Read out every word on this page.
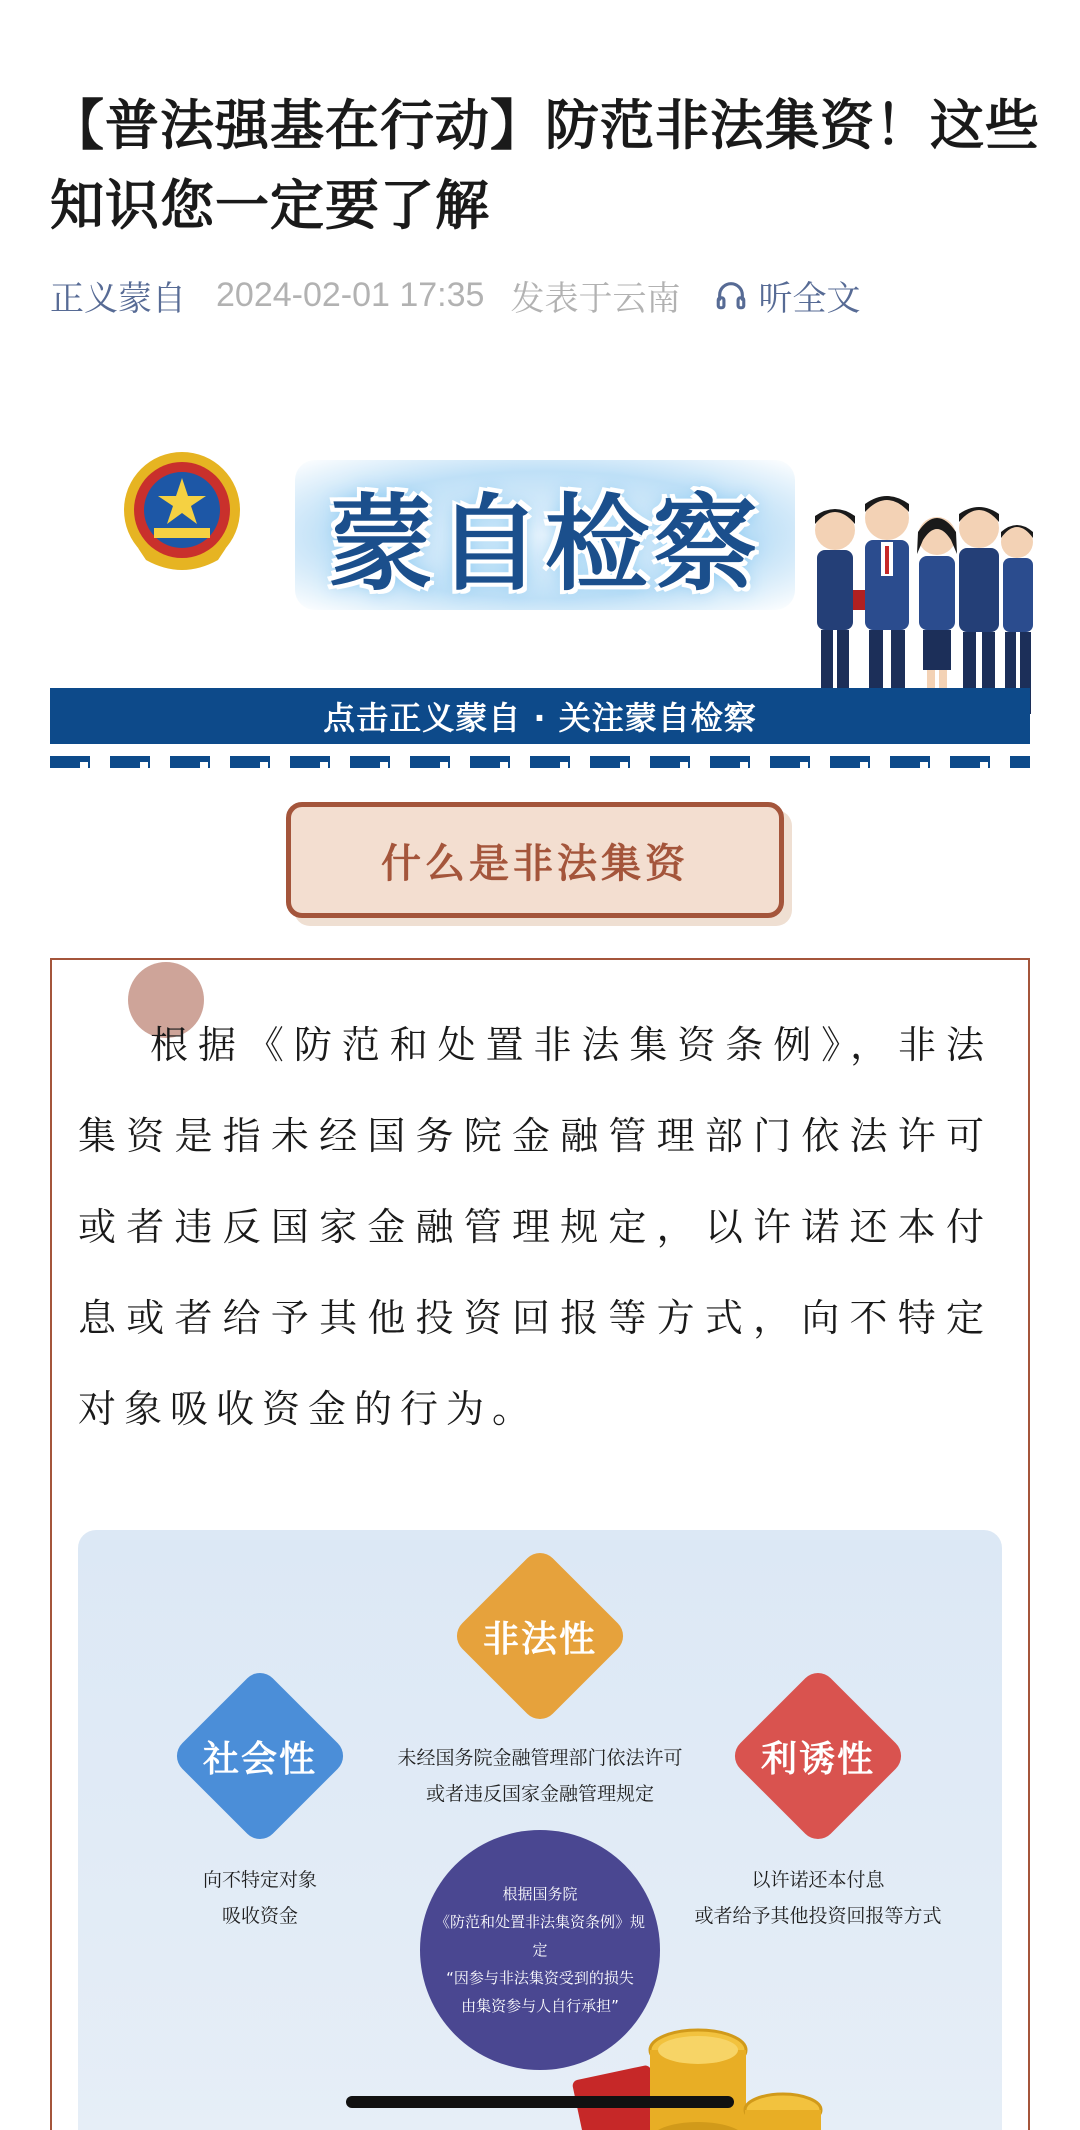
【普法强基在行动】防范非法集资！这些知识您一定要了解
正义蒙自 2024-02-01 17:35 发表于云南 听全文
蒙自检察
点击正义蒙自 · 关注蒙自检察
什么是非法集资

根据《防范和处置非法集资条例》，非法集资是指未经国务院金融管理部门依法许可或者违反国家金融管理规定，以许诺还本付息或者给予其他投资回报等方式，向不特定对象吸收资金的行为。

非法性
未经国务院金融管理部门依法许可
或者违反国家金融管理规定
社会性
向不特定对象
吸收资金
利诱性
以许诺还本付息
或者给予其他投资回报等方式
根据国务院
《防范和处置非法集资条例》规定
“因参与非法集资受到的损失
由集资参与人自行承担”
